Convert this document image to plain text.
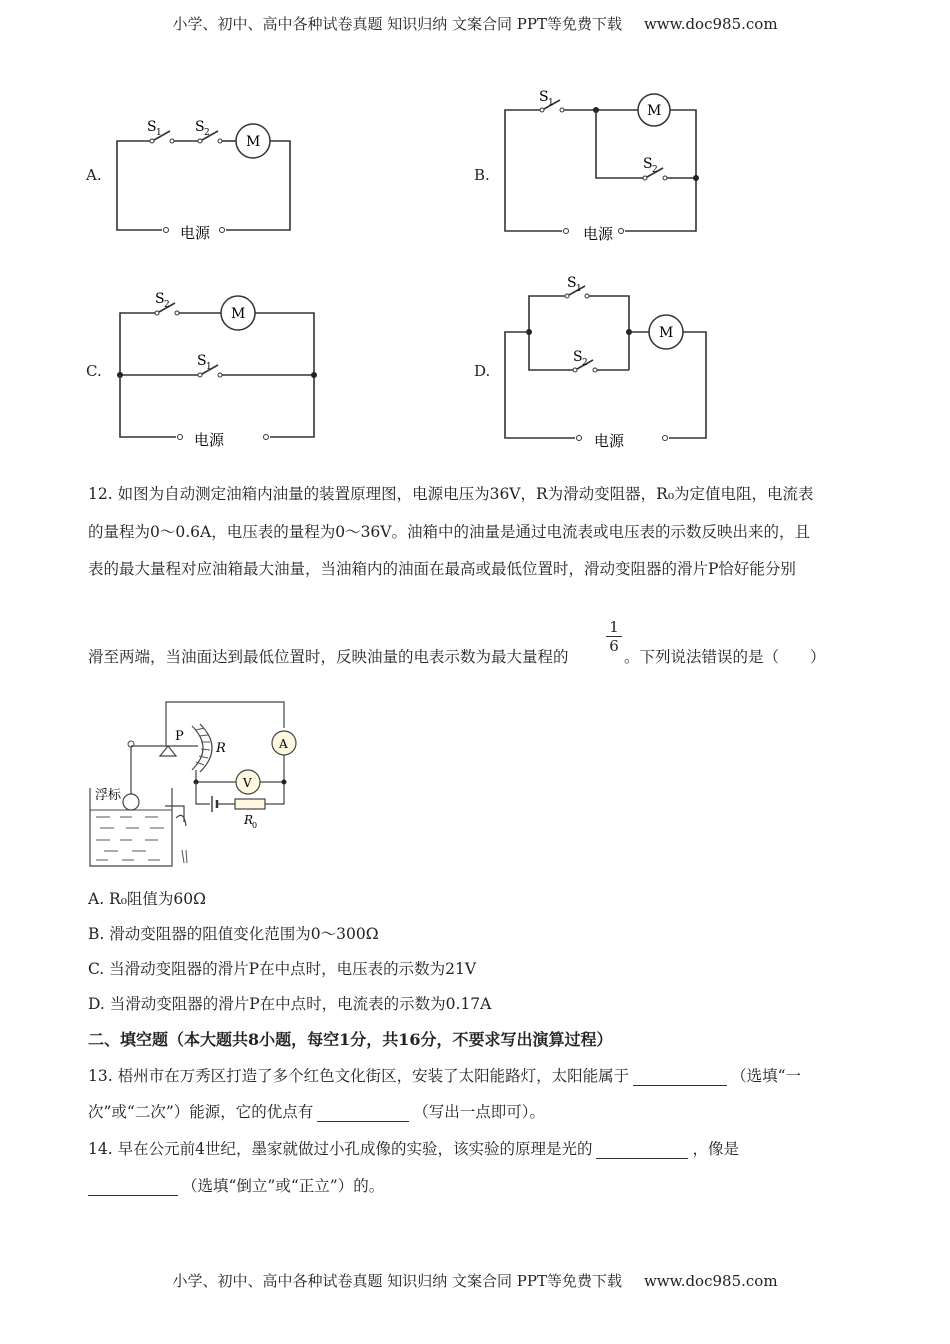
小学、初中、高中各种试卷真题 知识归纳 文案合同 PPT等免费下载 www.doc985.com
A.
电源
S 1 S 2
M
电源
S 1	M
S 2
S 2
M
S 1
电源
S 1
S 2
M
电源
浮标
P
R	A
V
R
0
B.
C.	D.
12. 如图为自动测定油箱内油量的装置原理图，电源电压为36V，R为滑动变阻器，R₀为定值电阻，电流表
的量程为0～0.6A，电压表的量程为0～36V。油箱中的油量是通过电流表或电压表的示数反映出来的，且
表的最大量程对应油箱最大油量，当油箱内的油面在最高或最低位置时，滑动变阻器的滑片P恰好能分别
滑至两端，当油面达到最低位置时，反映油量的电表示数为最大量程的
$\frac{1}{6}$
。下列说法错误的是（　　）
A. R₀阻值为60Ω
B. 滑动变阻器的阻值变化范围为0～300Ω
C. 当滑动变阻器的滑片P在中点时，电压表的示数为21V
D. 当滑动变阻器的滑片P在中点时，电流表的示数为0.17A
二、填空题（本大题共8小题，每空1分，共16分，不要求写出演算过程）
13. 梧州市在万秀区打造了多个红色文化街区，安装了太阳能路灯，太阳能属于	（选填“一
次”或“二次”）能源，它的优点有	（写出一点即可）。
14. 早在公元前4世纪，墨家就做过小孔成像的实验，该实验的原理是光的	，像是
（选填“倒立”或“正立”）的。
小学、初中、高中各种试卷真题 知识归纳 文案合同 PPT等免费下载 www.doc985.com
